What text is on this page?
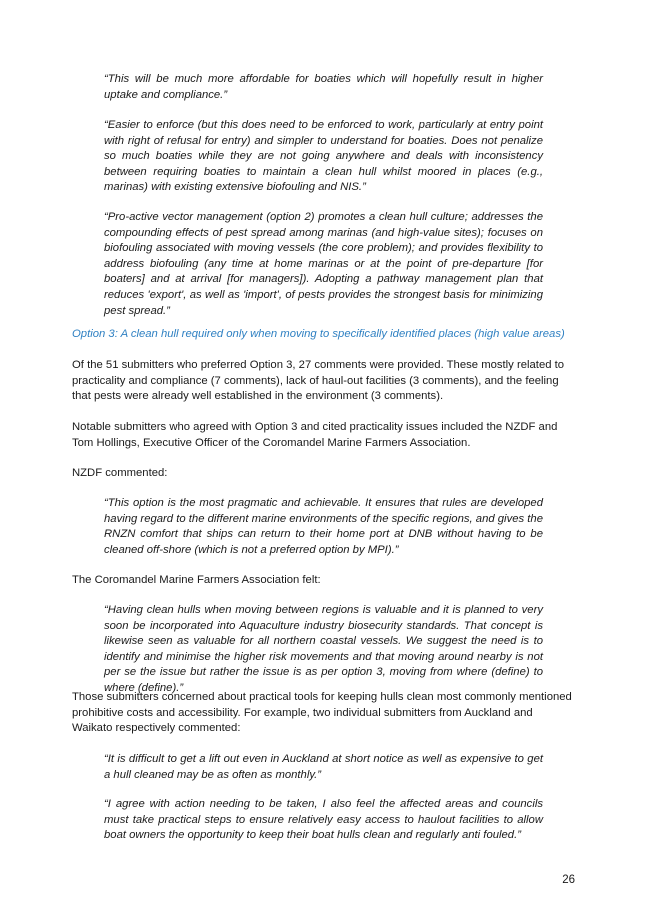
“This will be much more affordable for boaties which will hopefully result in higher uptake and compliance.”

“Easier to enforce (but this does need to be enforced to work, particularly at entry point with right of refusal for entry) and simpler to understand for boaties. Does not penalize so much boaties while they are not going anywhere and deals with inconsistency between requiring boaties to maintain a clean hull whilst moored in places (e.g., marinas) with existing extensive biofouling and NIS.”

“Pro-active vector management (option 2) promotes a clean hull culture; addresses the compounding effects of pest spread among marinas (and high-value sites); focuses on biofouling associated with moving vessels (the core problem); and provides flexibility to address biofouling (any time at home marinas or at the point of pre-departure [for boaters] and at arrival [for managers]). Adopting a pathway management plan that reduces 'export', as well as 'import', of pests provides the strongest basis for minimizing pest spread.”

Option 3: A clean hull required only when moving to specifically identified places (high value areas)

Of the 51 submitters who preferred Option 3, 27 comments were provided. These mostly related to practicality and compliance (7 comments), lack of haul-out facilities (3 comments), and the feeling that pests were already well established in the environment (3 comments).

Notable submitters who agreed with Option 3 and cited practicality issues included the NZDF and Tom Hollings, Executive Officer of the Coromandel Marine Farmers Association.

NZDF commented:

“This option is the most pragmatic and achievable. It ensures that rules are developed having regard to the different marine environments of the specific regions, and gives the RNZN comfort that ships can return to their home port at DNB without having to be cleaned off-shore (which is not a preferred option by MPI).”

The Coromandel Marine Farmers Association felt:

“Having clean hulls when moving between regions is valuable and it is planned to very soon be incorporated into Aquaculture industry biosecurity standards. That concept is likewise seen as valuable for all northern coastal vessels. We suggest the need is to identify and minimise the higher risk movements and that moving around nearby is not per se the issue but rather the issue is as per option 3, moving from where (define) to where (define).”

Those submitters concerned about practical tools for keeping hulls clean most commonly mentioned prohibitive costs and accessibility. For example, two individual submitters from Auckland and Waikato respectively commented:

“It is difficult to get a lift out even in Auckland at short notice as well as expensive to get a hull cleaned may be as often as monthly.”

“I agree with action needing to be taken, I also feel the affected areas and councils must take practical steps to ensure relatively easy access to haulout facilities to allow boat owners the opportunity to keep their boat hulls clean and regularly anti fouled.”

26
